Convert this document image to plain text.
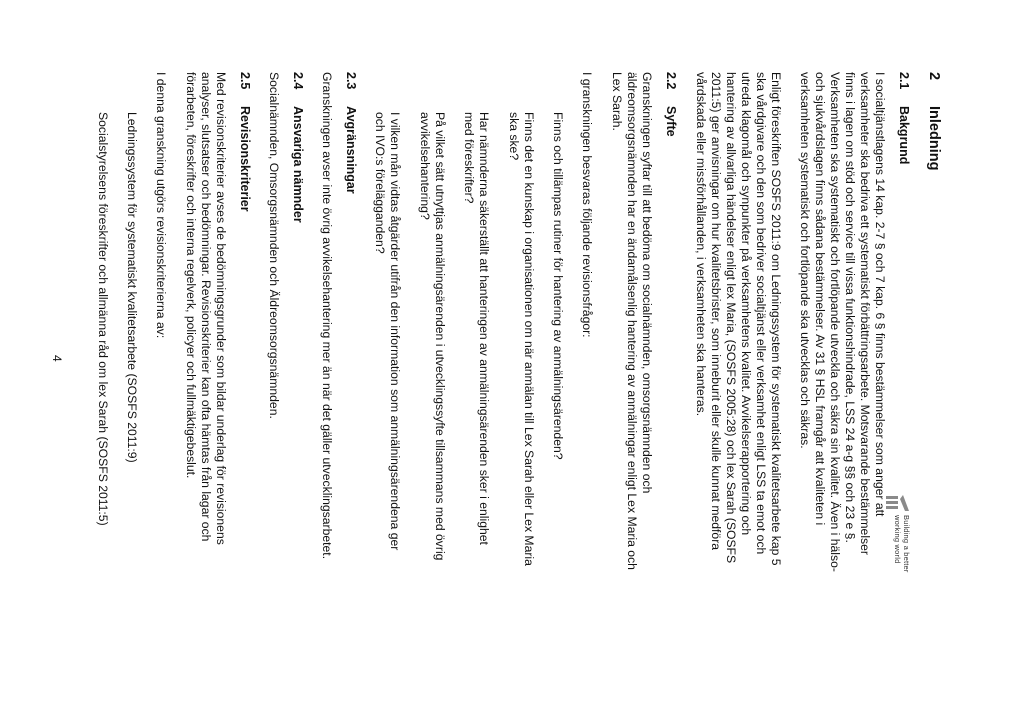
Building a better
working world
2Inledning
2.1Bakgrund
I socialtjänstlagens 14 kap. 2-7 § och 7 kap. 6 § finns bestämmelser som anger att
verksamheter ska bedriva ett systematiskt förbättringsarbete. Motsvarande bestämmelser
finns i lagen om stöd och service till vissa funktionshindrade, LSS 24 a-g §§ och 23 e §.
Verksamheten ska systematiskt och fortlöpande utveckla och säkra sin kvalitet. Även i hälso-
och sjukvårdslagen finns sådana bestämmelser. Av 31 § HSL framgår att kvaliteten i
verksamheten systematiskt och fortlöpande ska utvecklas och säkras.
Enligt föreskriften SOSFS 2011:9 om Ledningssystem för systematiskt kvalitetsarbete kap 5
ska vårdgivare och den som bedriver socialtjänst eller verksamhet enligt LSS ta emot och
utreda klagomål och synpunkter på verksamhetens kvalitet. Avvikelserapportering och
hantering av allvarliga händelser enligt lex Maria, (SOSFS 2005:28) och lex Sarah (SOSFS
2011:5) ger anvisningar om hur kvalitetsbrister, som inneburit eller skulle kunnat medföra
vårdskada eller missförhållanden, i verksamheten ska hanteras.
2.2Syfte
Granskningen syftar till att bedöma om socialnämnden, omsorgsnämnden och
äldreomsorgsnämnden har en ändamålsenlig hantering av anmälningar enligt Lex Maria och
Lex Sarah.
I granskningen besvaras följande revisionsfrågor:
Finns och tillämpas rutiner för hantering av anmälningsärenden?
Finns det en kunskap i organisationen om när anmälan till Lex Sarah eller Lex Maria
ska ske?
Har nämnderna säkerställt att hanteringen av anmälningsärenden sker i enlighet
med föreskrifter?
På vilket sätt utnyttjas anmälningsärenden i utvecklingssyfte tillsammans med övrig
avvikelsehantering?
I vilken mån vidtas åtgärder utifrån den information som anmälningsärendena ger
och IVO:s förelägganden?
2.3Avgränsningar
Granskningen avser inte övrig avvikelsehantering mer än när det gäller utvecklingsarbetet.
2.4Ansvariga nämnder
Socialnämnden, Omsorgsnämnden och Äldreomsorgsnämnden.
2.5Revisionskriterier
Med revisionskriterier avses de bedömningsgrunder som bildar underlag för revisionens
analyser, slutsatser och bedömningar. Revisionskriterier kan ofta hämtas från lagar och
förarbeten, föreskrifter och interna regelverk, policyer och fullmäktigebeslut.
I denna granskning utgörs revisionskriterierna av:
Ledningssystem för systematiskt kvalitetsarbete (SOSFS 2011:9)
Socialstyrelsens föreskrifter och allmänna råd om lex Sarah (SOSFS 2011:5)
4
